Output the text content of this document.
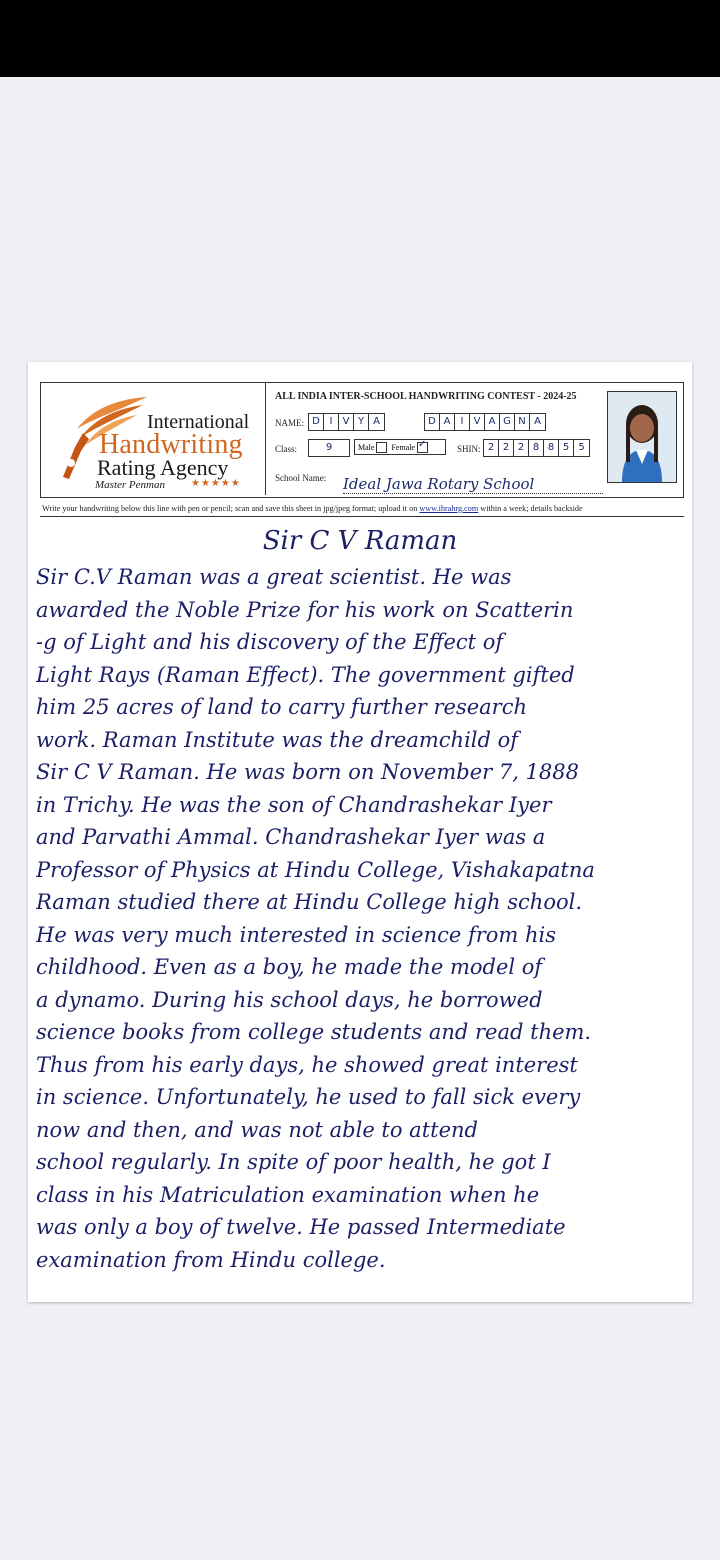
International
Handwriting
Rating Agency
Master Penman	★★★★★
ALL INDIA INTER-SCHOOL HANDWRITING CONTEST - 2024-25
NAME: D I	V Y A	D A	I	V A G N A
Class:	9	Male Female
✓	SHIN: 2 2 2 8 8 5 5
School Name: Ideal Jawa Rotary School
Write your handwriting below this line with pen or pencil; scan and save this sheet in jpg/jpeg format; upload it on www.ihrahrg.com within a week; details backside
Sir C V Raman
Sir C.V Raman was a great scientist. He was
awarded the Noble Prize for his work on Scatterin
-g of Light and his discovery of the Effect of
Light Rays (Raman Effect). The government gifted
him 25 acres of land to carry further research
work. Raman Institute was the dreamchild of
Sir C V Raman. He was born on November 7, 1888
in Trichy. He was the son of Chandrashekar Iyer
and Parvathi Ammal. Chandrashekar Iyer was a
Professor of Physics at Hindu College, Vishakapatna
Raman studied there at Hindu College high school.
He was very much interested in science from his
childhood. Even as a boy, he made the model of
a dynamo. During his school days, he borrowed
science books from college students and read them.
Thus from his early days, he showed great interest
in science. Unfortunately, he used to fall sick every
now and then, and was not able to attend
school regularly. In spite of poor health, he got I
class in his Matriculation examination when he
was only a boy of twelve. He passed Intermediate
examination from Hindu college.
